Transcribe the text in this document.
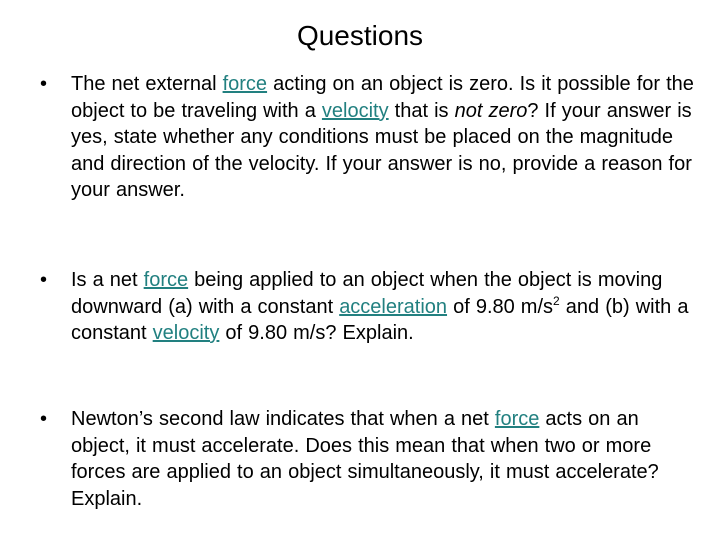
Questions
•	The net external force acting on an object is zero. Is it possible for the object to be traveling with a velocity that is not zero? If your answer is yes, state whether any conditions must be placed on the magnitude and direction of the velocity. If your answer is no, provide a reason for your answer.
•	Is a net force being applied to an object when the object is moving downward (a) with a constant acceleration of 9.80 $m/s^2$ and (b) with a constant velocity of 9.80 m/s? Explain.
•	Newton’s second law indicates that when a net force acts on an object, it must accelerate. Does this mean that when two or more forces are applied to an object simultaneously, it must accelerate? Explain.
